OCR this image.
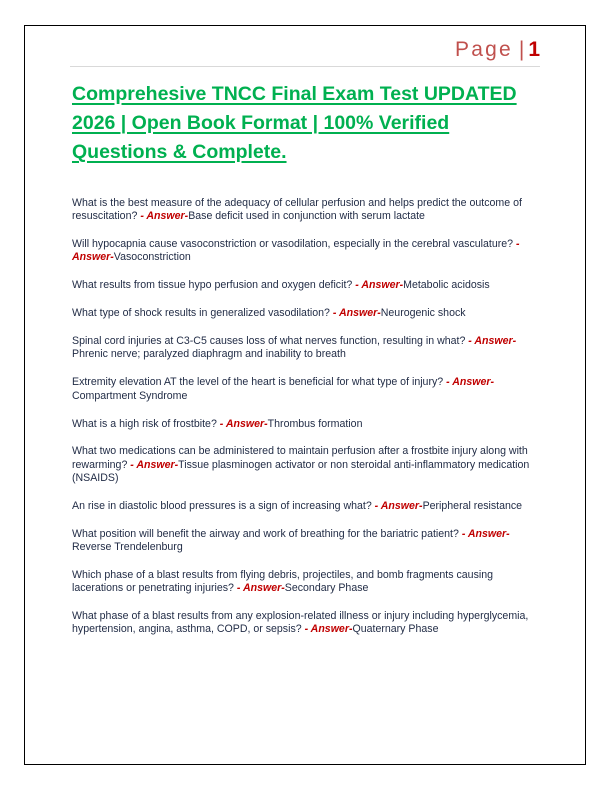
Page | 1
Comprehesive TNCC Final Exam Test UPDATED 2026 | Open Book Format | 100% Verified Questions & Complete.
What is the best measure of the adequacy of cellular perfusion and helps predict the outcome of resuscitation? - Answer-Base deficit used in conjunction with serum lactate
Will hypocapnia cause vasoconstriction or vasodilation, especially in the cerebral vasculature? - Answer-Vasoconstriction
What results from tissue hypo perfusion and oxygen deficit? - Answer-Metabolic acidosis
What type of shock results in generalized vasodilation? - Answer-Neurogenic shock
Spinal cord injuries at C3-C5 causes loss of what nerves function, resulting in what? - Answer-Phrenic nerve; paralyzed diaphragm and inability to breath
Extremity elevation AT the level of the heart is beneficial for what type of injury? - Answer-Compartment Syndrome
What is a high risk of frostbite? - Answer-Thrombus formation
What two medications can be administered to maintain perfusion after a frostbite injury along with rewarming? - Answer-Tissue plasminogen activator or non steroidal anti-inflammatory medication (NSAIDS)
An rise in diastolic blood pressures is a sign of increasing what? - Answer-Peripheral resistance
What position will benefit the airway and work of breathing for the bariatric patient? - Answer-Reverse Trendelenburg
Which phase of a blast results from flying debris, projectiles, and bomb fragments causing lacerations or penetrating injuries? - Answer-Secondary Phase
What phase of a blast results from any explosion-related illness or injury including hyperglycemia, hypertension, angina, asthma, COPD, or sepsis? - Answer-Quaternary Phase
